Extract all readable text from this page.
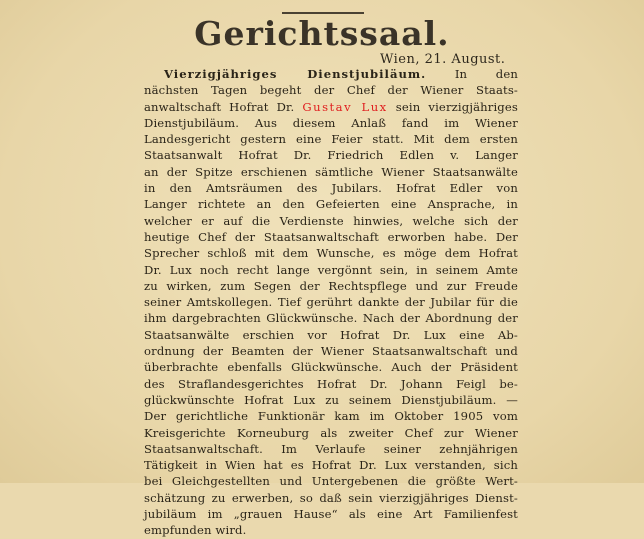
Gerichtssaal.
Wien, 21. August.
Vierzigjähriges Dienstjubiläum. In den
nächsten Tagen begeht der Chef der Wiener Staats-
anwaltschaft Hofrat Dr. Gustav Lux sein vierzigjähriges
Dienstjubiläum. Aus diesem Anlaß fand im Wiener
Landesgericht gestern eine Feier statt. Mit dem ersten
Staatsanwalt Hofrat Dr. Friedrich Edlen v. Langer
an der Spitze erschienen sämtliche Wiener Staatsanwälte
in den Amtsräumen des Jubilars. Hofrat Edler von
Langer richtete an den Gefeierten eine Ansprache, in
welcher er auf die Verdienste hinwies, welche sich der
heutige Chef der Staatsanwaltschaft erworben habe. Der
Sprecher schloß mit dem Wunsche, es möge dem Hofrat
Dr. Lux noch recht lange vergönnt sein, in seinem Amte
zu wirken, zum Segen der Rechtspflege und zur Freude
seiner Amtskollegen. Tief gerührt dankte der Jubilar für die
ihm dargebrachten Glückwünsche. Nach der Abordnung der
Staatsanwälte erschien vor Hofrat Dr. Lux eine Ab-
ordnung der Beamten der Wiener Staatsanwaltschaft und
überbrachte ebenfalls Glückwünsche. Auch der Präsident
des Straflandesgerichtes Hofrat Dr. Johann Feigl be-
glückwünschte Hofrat Lux zu seinem Dienstjubiläum. —
Der gerichtliche Funktionär kam im Oktober 1905 vom
Kreisgerichte Korneuburg als zweiter Chef zur Wiener
Staatsanwaltschaft. Im Verlaufe seiner zehnjährigen
Tätigkeit in Wien hat es Hofrat Dr. Lux verstanden, sich
bei Gleichgestellten und Untergebenen die größte Wert-
schätzung zu erwerben, so daß sein vierzigjähriges Dienst-
jubiläum im „grauen Hause“ als eine Art Familienfest
empfunden wird.
